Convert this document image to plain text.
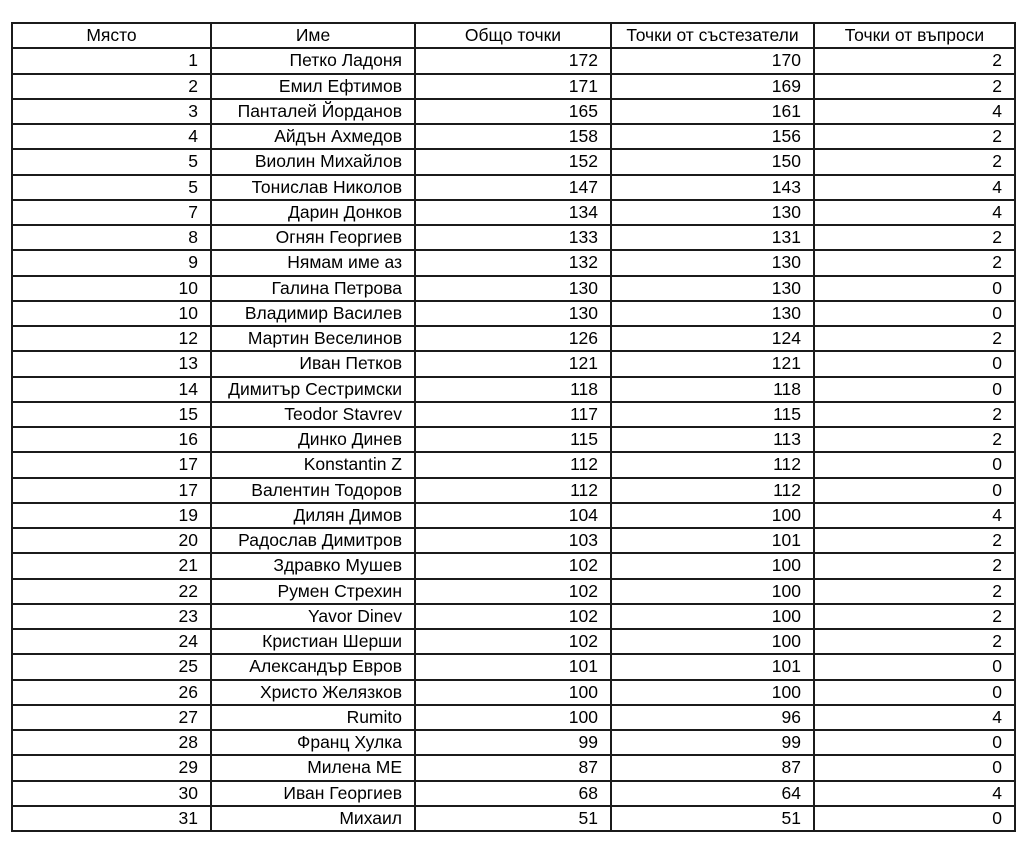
Място	Име	Общо точки	Точки от състезатели	Точки от въпроси
1	Петко Ладоня	172	170	2
2	Емил Ефтимов	171	169	2
3	Панталей Йорданов	165	161	4
4	Айдън Ахмедов	158	156	2
5	Виолин Михайлов	152	150	2
5	Тонислав Николов	147	143	4
7	Дарин Донков	134	130	4
8	Огнян Георгиев	133	131	2
9	Нямам име аз	132	130	2
10	Галина Петрова	130	130	0
10	Владимир Василев	130	130	0
12	Мартин Веселинов	126	124	2
13	Иван Петков	121	121	0
14	Димитър Сестримски	118	118	0
15	Teodor Stavrev	117	115	2
16	Динко Динев	115	113	2
17	Konstantin Z	112	112	0
17	Валентин Тодоров	112	112	0
19	Дилян Димов	104	100	4
20	Радослав Димитров	103	101	2
21	Здравко Мушев	102	100	2
22	Румен Стрехин	102	100	2
23	Yavor Dinev	102	100	2
24	Кристиан Шерши	102	100	2
25	Александър Евров	101	101	0
26	Христо Желязков	100	100	0
27	Rumito	100	96	4
28	Франц Хулка	99	99	0
29	Милена МЕ	87	87	0
30	Иван Георгиев	68	64	4
31	Михаил	51	51	0
